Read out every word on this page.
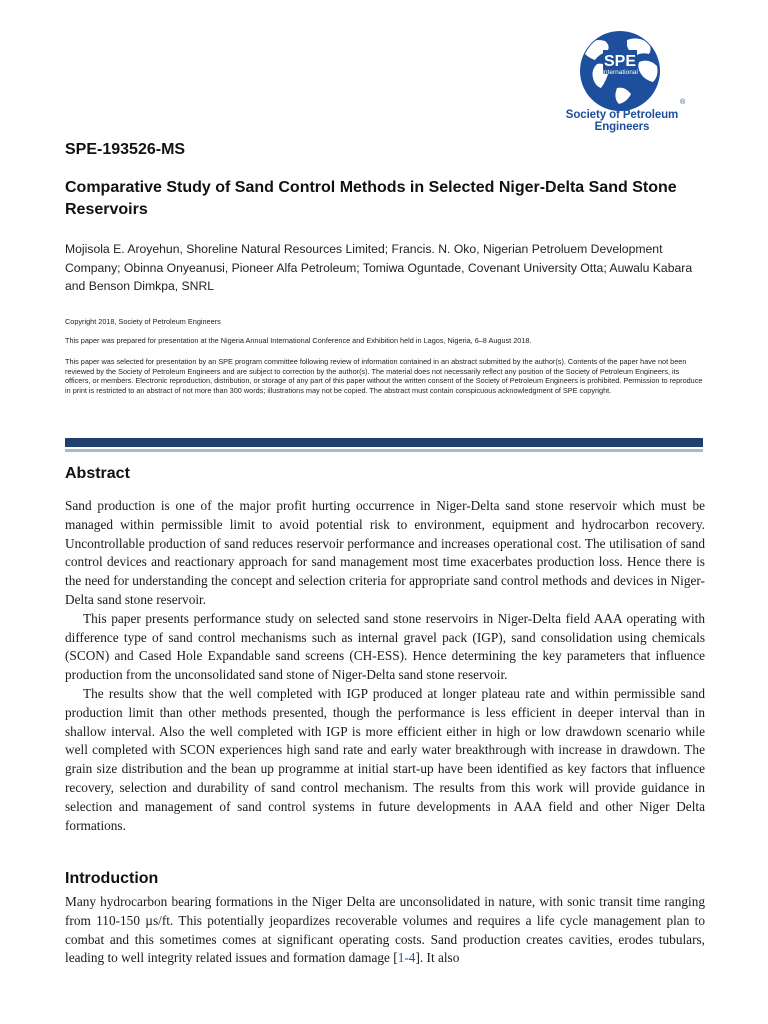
SPE
International
®
Society of Petroleum Engineers
SPE-193526-MS
Comparative Study of Sand Control Methods in Selected Niger-Delta Sand Stone Reservoirs
Mojisola E. Aroyehun, Shoreline Natural Resources Limited; Francis. N. Oko, Nigerian Petroluem Development Company; Obinna Onyeanusi, Pioneer Alfa Petroleum; Tomiwa Oguntade, Covenant University Otta; Auwalu Kabara and Benson Dimkpa, SNRL
Copyright 2018, Society of Petroleum Engineers
This paper was prepared for presentation at the Nigeria Annual International Conference and Exhibition held in Lagos, Nigeria, 6–8 August 2018.
This paper was selected for presentation by an SPE program committee following review of information contained in an abstract submitted by the author(s). Contents of the paper have not been reviewed by the Society of Petroleum Engineers and are subject to correction by the author(s). The material does not necessarily reflect any position of the Society of Petroleum Engineers, its officers, or members. Electronic reproduction, distribution, or storage of any part of this paper without the written consent of the Society of Petroleum Engineers is prohibited. Permission to reproduce in print is restricted to an abstract of not more than 300 words; illustrations may not be copied. The abstract must contain conspicuous acknowledgment of SPE copyright.
Abstract

Sand production is one of the major profit hurting occurrence in Niger-Delta sand stone reservoir which must be managed within permissible limit to avoid potential risk to environment, equipment and hydrocarbon recovery. Uncontrollable production of sand reduces reservoir performance and increases operational cost. The utilisation of sand control devices and reactionary approach for sand management most time exacerbates production loss. Hence there is the need for understanding the concept and selection criteria for appropriate sand control methods and devices in Niger-Delta sand stone reservoir.

This paper presents performance study on selected sand stone reservoirs in Niger-Delta field AAA operating with difference type of sand control mechanisms such as internal gravel pack (IGP), sand consolidation using chemicals (SCON) and Cased Hole Expandable sand screens (CH-ESS). Hence determining the key parameters that influence production from the unconsolidated sand stone of Niger-Delta sand stone reservoir.

The results show that the well completed with IGP produced at longer plateau rate and within permissible sand production limit than other methods presented, though the performance is less efficient in deeper interval than in shallow interval. Also the well completed with IGP is more efficient either in high or low drawdown scenario while well completed with SCON experiences high sand rate and early water breakthrough with increase in drawdown. The grain size distribution and the bean up programme at initial start-up have been identified as key factors that influence recovery, selection and durability of sand control mechanism. The results from this work will provide guidance in selection and management of sand control systems in future developments in AAA field and other Niger Delta formations.

Introduction

Many hydrocarbon bearing formations in the Niger Delta are unconsolidated in nature, with sonic transit time ranging from 110-150 µs/ft. This potentially jeopardizes recoverable volumes and requires a life cycle management plan to combat and this sometimes comes at significant operating costs. Sand production creates cavities, erodes tubulars, leading to well integrity related issues and formation damage [1-4]. It also
